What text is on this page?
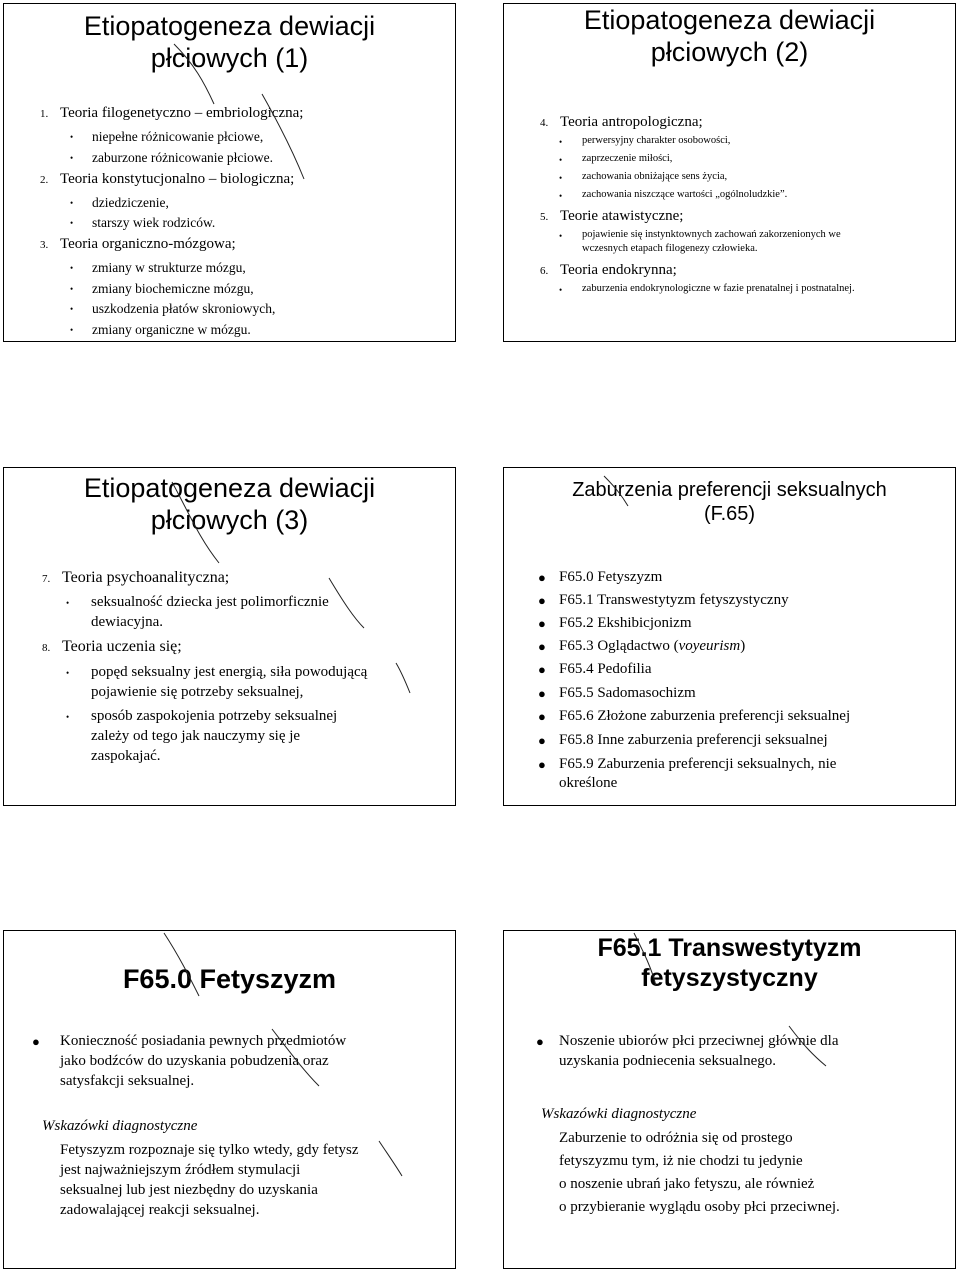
Etiopatogeneza dewiacji
płciowych (1)
1. Teoria filogenetyczno – embriologiczna;
• niepełne różnicowanie płciowe,
• zaburzone różnicowanie płciowe.
2. Teoria konstytucjonalno – biologiczna;
• dziedziczenie,
• starszy wiek rodziców.
3. Teoria organiczno-mózgowa;
• zmiany w strukturze mózgu,
• zmiany biochemiczne mózgu,
• uszkodzenia płatów skroniowych,
• zmiany organiczne w mózgu.
Etiopatogeneza dewiacji
płciowych (2)
4. Teoria antropologiczna;
• perwersyjny charakter osobowości,
• zaprzeczenie miłości,
• zachowania obniżające sens życia,
• zachowania niszczące wartości „ogólnoludzkie”.
5. Teorie atawistyczne;
• pojawienie się instynktownych zachowań zakorzenionych we
wczesnych etapach filogenezy człowieka.
6. Teoria endokrynna;
• zaburzenia endokrynologiczne w fazie prenatalnej i postnatalnej.
Etiopatogeneza dewiacji
płciowych (3)
7. Teoria psychoanalityczna;
• seksualność dziecka jest polimorficznie
dewiacyjna.
8. Teoria uczenia się;
• popęd seksualny jest energią, siła powodującą
pojawienie się potrzeby seksualnej,
• sposób zaspokojenia potrzeby seksualnej
zależy od tego jak nauczymy się je
zaspokajać.
Zaburzenia preferencji seksualnych
(F.65)
● F65.0 Fetyszyzm
● F65.1 Transwestytyzm fetyszystyczny
● F65.2 Ekshibicjonizm
● F65.3 Oglądactwo (voyeurism)
● F65.4 Pedofilia
● F65.5 Sadomasochizm
● F65.6 Złożone zaburzenia preferencji seksualnej
● F65.8 Inne zaburzenia preferencji seksualnej
● F65.9 Zaburzenia preferencji seksualnych, nie
określone
F65.0 Fetyszyzm
● Konieczność posiadania pewnych przedmiotów
jako bodźców do uzyskania pobudzenia oraz
satysfakcji seksualnej.
Wskazówki diagnostyczne
Fetyszyzm rozpoznaje się tylko wtedy, gdy fetysz
jest najważniejszym źródłem stymulacji
seksualnej lub jest niezbędny do uzyskania
zadowalającej reakcji seksualnej.
F65.1 Transwestytyzm
fetyszystyczny
● Noszenie ubiorów płci przeciwnej głównie dla
uzyskania podniecenia seksualnego.
Wskazówki diagnostyczne
Zaburzenie to odróżnia się od prostego
fetyszyzmu tym, iż nie chodzi tu jedynie
o noszenie ubrań jako fetyszu, ale również
o przybieranie wyglądu osoby płci przeciwnej.
